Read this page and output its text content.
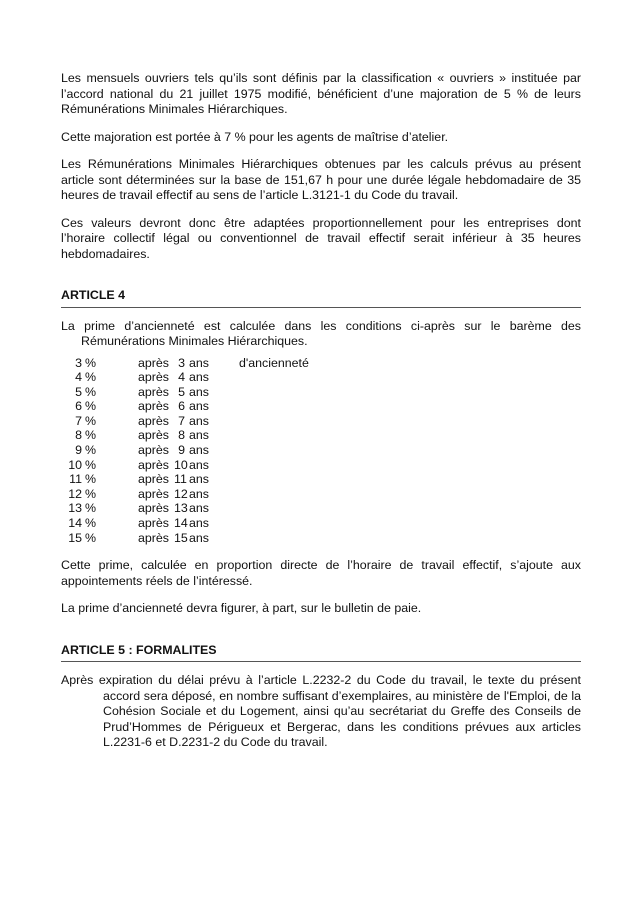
Les mensuels ouvriers tels qu’ils sont définis par la classification « ouvriers » instituée par l’accord national du 21 juillet 1975 modifié, bénéficient d’une majoration de 5 % de leurs Rémunérations Minimales Hiérarchiques.

Cette majoration est portée à 7 % pour les agents de maîtrise d’atelier.

Les Rémunérations Minimales Hiérarchiques obtenues par les calculs prévus au présent article sont déterminées sur la base de 151,67 h pour une durée légale hebdomadaire de 35 heures de travail effectif au sens de l’article L.3121-1 du Code du travail.

Ces valeurs devront donc être adaptées proportionnellement pour les entreprises dont l’horaire collectif légal ou conventionnel de travail effectif serait inférieur à 35 heures hebdomadaires.

ARTICLE 4

La prime d’ancienneté est calculée dans les conditions ci-après sur le barème des Rémunérations Minimales Hiérarchiques.

3 %	après	3 ans	d'ancienneté
4 %	après	4 ans	
5 %	après	5 ans	
6 %	après	6 ans	
7 %	après	7 ans	
8 %	après	8 ans	
9 %	après	9 ans	
10 %	après	10ans	
11 %	après	11 ans	
12 %	après	12ans	
13 %	après	13ans	
14 %	après	14ans	
15 %	après	15ans	

Cette prime, calculée en proportion directe de l’horaire de travail effectif, s’ajoute aux appointements réels de l’intéressé.

La prime d’ancienneté devra figurer, à part, sur le bulletin de paie.

ARTICLE 5 : FORMALITES

Après expiration du délai prévu à l’article L.2232-2 du Code du travail, le texte du présent accord sera déposé, en nombre suffisant d’exemplaires, au ministère de l'Emploi, de la Cohésion Sociale et du Logement, ainsi qu’au secrétariat du Greffe des Conseils de Prud’Hommes de Périgueux et Bergerac, dans les conditions prévues aux articles L.2231-6 et D.2231-2 du Code du travail.
